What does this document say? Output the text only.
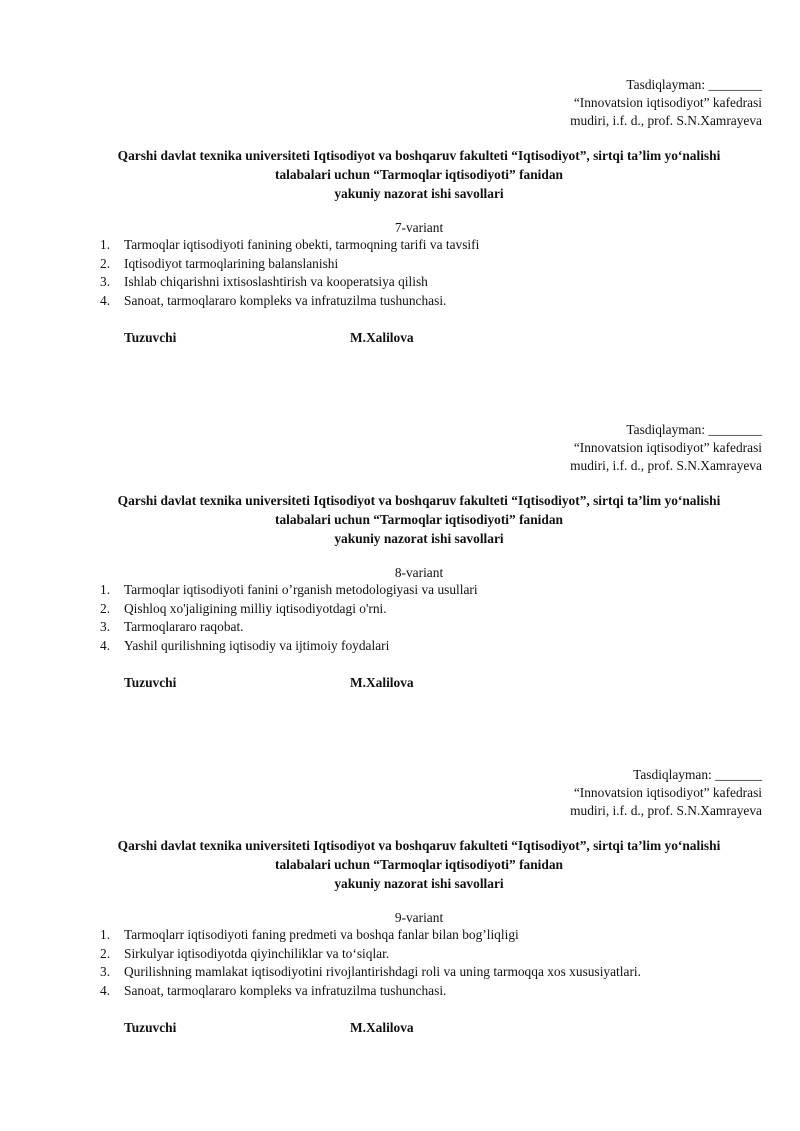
Tasdiqlayman: ________
“Innovatsion iqtisodiyot” kafedrasi
mudiri, i.f. d., prof. S.N.Xamrayeva
Qarshi davlat texnika universiteti Iqtisodiyot va boshqaruv fakulteti “Iqtisodiyot”, sirtqi ta’lim yo‘nalishi
talabalari uchun “Tarmoqlar iqtisodiyoti” fanidan
yakuniy nazorat ishi savollari
7-variant
1.	Tarmoqlar iqtisodiyoti fanining obekti, tarmoqning tarifi va tavsifi
2.	Iqtisodiyot tarmoqlarining balanslanishi
3.	Ishlab chiqarishni ixtisoslashtirish va kooperatsiya qilish
4.	Sanoat, tarmoqlararo kompleks va infratuzilma tushunchasi.
Tuzuvchi	M.Xalilova
Tasdiqlayman: ________
“Innovatsion iqtisodiyot” kafedrasi
mudiri, i.f. d., prof. S.N.Xamrayeva
Qarshi davlat texnika universiteti Iqtisodiyot va boshqaruv fakulteti “Iqtisodiyot”, sirtqi ta’lim yo‘nalishi
talabalari uchun “Tarmoqlar iqtisodiyoti” fanidan
yakuniy nazorat ishi savollari
8-variant
1.	Tarmoqlar iqtisodiyoti fanini o’rganish metodologiyasi va usullari
2.	Qishloq xo'jaligining milliy iqtisodiyotdagi o'rni.
3.	Tarmoqlararo raqobat.
4.	Yashil qurilishning iqtisodiy va ijtimoiy foydalari
Tuzuvchi	M.Xalilova
Tasdiqlayman: _______
“Innovatsion iqtisodiyot” kafedrasi
mudiri, i.f. d., prof. S.N.Xamrayeva
Qarshi davlat texnika universiteti Iqtisodiyot va boshqaruv fakulteti “Iqtisodiyot”, sirtqi ta’lim yo‘nalishi
talabalari uchun “Tarmoqlar iqtisodiyoti” fanidan
yakuniy nazorat ishi savollari
9-variant
1.	Tarmoqlarr iqtisodiyoti faning predmeti va boshqa fanlar bilan bog’liqligi
2.	Sirkulyar iqtisodiyotda qiyinchiliklar va to‘siqlar.
3.	Qurilishning mamlakat iqtisodiyotini rivojlantirishdagi roli va uning tarmoqqa xos xususiyatlari.
4.	Sanoat, tarmoqlararo kompleks va infratuzilma tushunchasi.
Tuzuvchi	M.Xalilova
